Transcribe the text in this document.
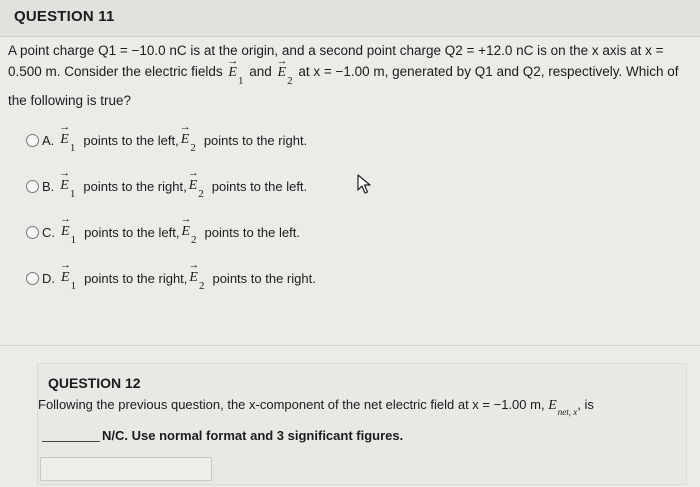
QUESTION 11
A point charge Q1 = −10.0 nC is at the origin, and a second point charge Q2 = +12.0 nC is on the x axis at x =
0.500 m. Consider the electric fields
→
$E_1$ and
→
$E_2$ at x = −1.00 m, generated by Q1 and Q2, respectively. Which of
the following is true?
A.
→
$E_1$
points to the left,
→
$E_2$
points to the right.
B.
→
$E_1$
points to the right,
→
$E_2$
points to the left.
C.
→
$E_1$
points to the left,
→
$E_2$
points to the left.
D.
→
$E_1$
points to the right,
→
$E_2$
points to the right.
QUESTION 12
Following the previous question, the x-component of the net electric field at x = −1.00 m, $E_{net, x}$, is
N/C. Use normal format and 3 significant figures.
